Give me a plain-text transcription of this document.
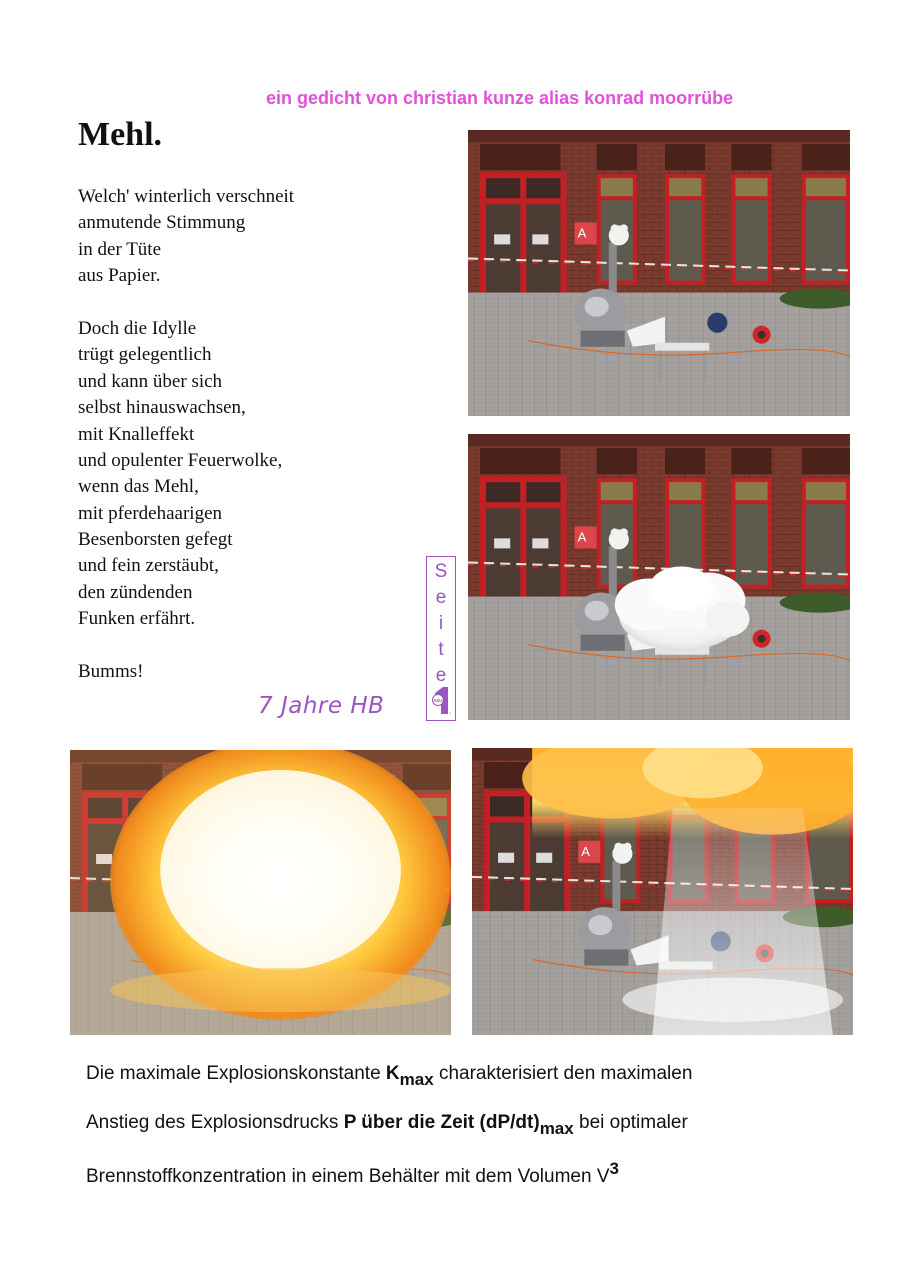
ein gedicht von christian kunze alias konrad moorrübe
Mehl.
Welch' winterlich verschneit
anmutende Stimmung
in der Tüte
aus Papier.
Doch die Idylle
trügt gelegentlich
und kann über sich
selbst hinauswachsen,
mit Knalleffekt
und opulenter Feuerwolke,
wenn das Mehl,
mit pferdehaarigen
Besenborsten gefegt
und fein zerstäubt,
den zündenden
Funken erfährt.
Bumms!
S
e
i
t
e
ADJ
1
7 Jahre HB
Die maximale Explosionskonstante Kmax charakterisiert den maximalen
Anstieg des Explosionsdrucks P über die Zeit (dP/dt)max bei optimaler
Brennstoffkonzentration in einem Behälter mit dem Volumen V3
